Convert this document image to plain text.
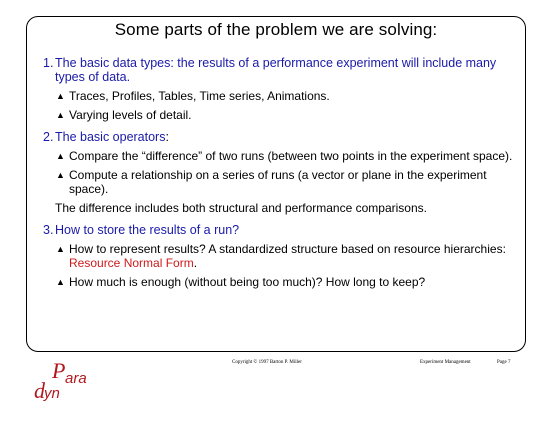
Some parts of the problem we are solving:
1. The basic data types: the results of a performance experiment will include many types of data.
▲ Traces, Profiles, Tables, Time series, Animations.
▲ Varying levels of detail.
2. The basic operators:
▲ Compare the “difference” of two runs (between two points in the experiment space).
▲ Compute a relationship on a series of runs (a vector or plane in the experiment space).
The difference includes both structural and performance comparisons.
3. How to store the results of a run?
▲ How to represent results? A standardized structure based on resource hierarchies: Resource Normal Form.
▲ How much is enough (without being too much)? How long to keep?
Copyright © 1997 Barton P. Miller	Experiment Management	Page 7
P ara
d yn
